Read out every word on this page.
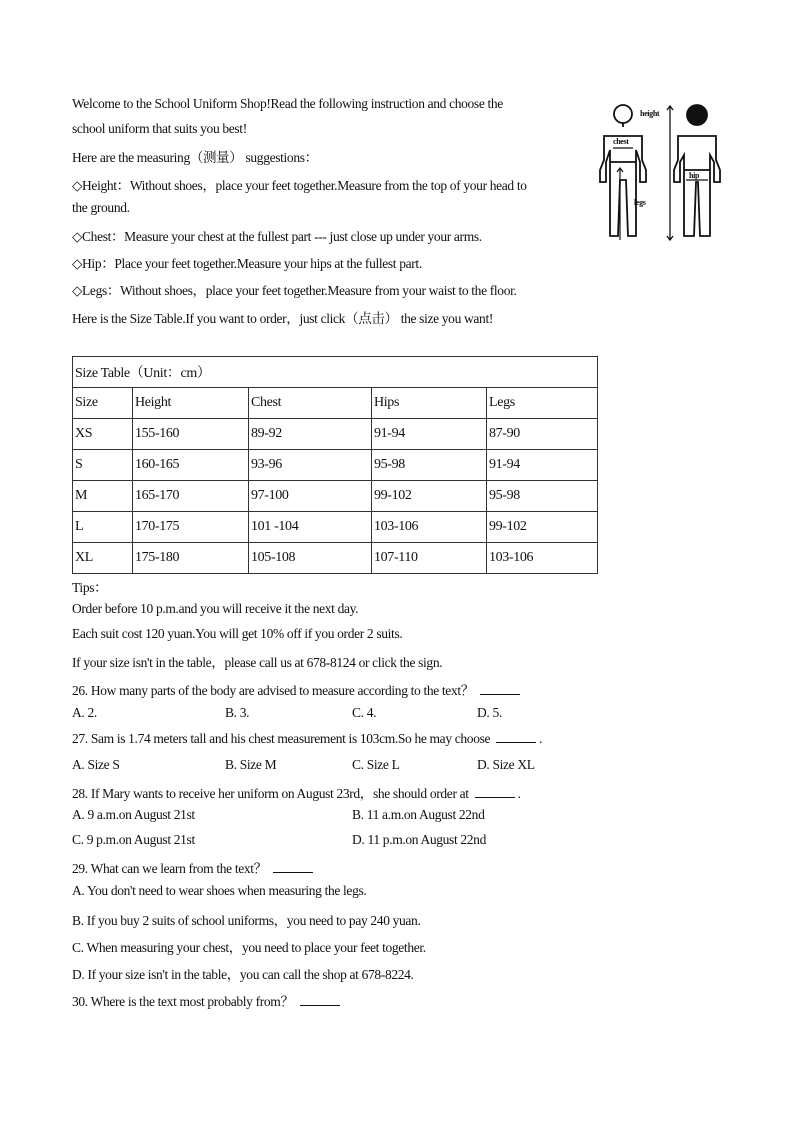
Welcome to the School Uniform Shop!Read the following instruction and choose the
school uniform that suits you best!
Here are the measuring（测量） suggestions：
◇Height：Without shoes，place your feet together.Measure from the top of your head to
the ground.
◇Chest：Measure your chest at the fullest part --- just close up under your arms.
◇Hip：Place your feet together.Measure your hips at the fullest part.
◇Legs：Without shoes，place your feet together.Measure from your waist to the floor.
Here is the Size Table.If you want to order，just click（点击） the size you want!
chest
legs
height
hip
Size Table（Unit：cm）				
Size	Height	Chest	Hips	Legs
XS	155-160	89-92	91-94	87-90
S	160-165	93-96	95-98	91-94
M	165-170	97-100	99-102	95-98
L	170-175	101 -104	103-106	99-102
XL	175-180	105-108	107-110	103-106
Tips：
Order before 10 p.m.and you will receive it the next day.
Each suit cost 120 yuan.You will get 10% off if you order 2 suits.
If your size isn't in the table，please call us at 678-8124 or click the sign.
26. How many parts of the body are advised to measure according to the text？
A. 2.	B. 3.	C. 4.	D. 5.
27. Sam is 1.74 meters tall and his chest measurement is 103cm.So he may choose	.
A. Size S	B. Size M	C. Size L	D. Size XL
28. If Mary wants to receive her uniform on August 23rd，she should order at	.
A. 9 a.m.on August 21st	B. 11 a.m.on August 22nd
C. 9 p.m.on August 21st	D. 11 p.m.on August 22nd
29. What can we learn from the text？
A. You don't need to wear shoes when measuring the legs.
B. If you buy 2 suits of school uniforms，you need to pay 240 yuan.
C. When measuring your chest，you need to place your feet together.
D. If your size isn't in the table，you can call the shop at 678-8224.
30. Where is the text most probably from？
